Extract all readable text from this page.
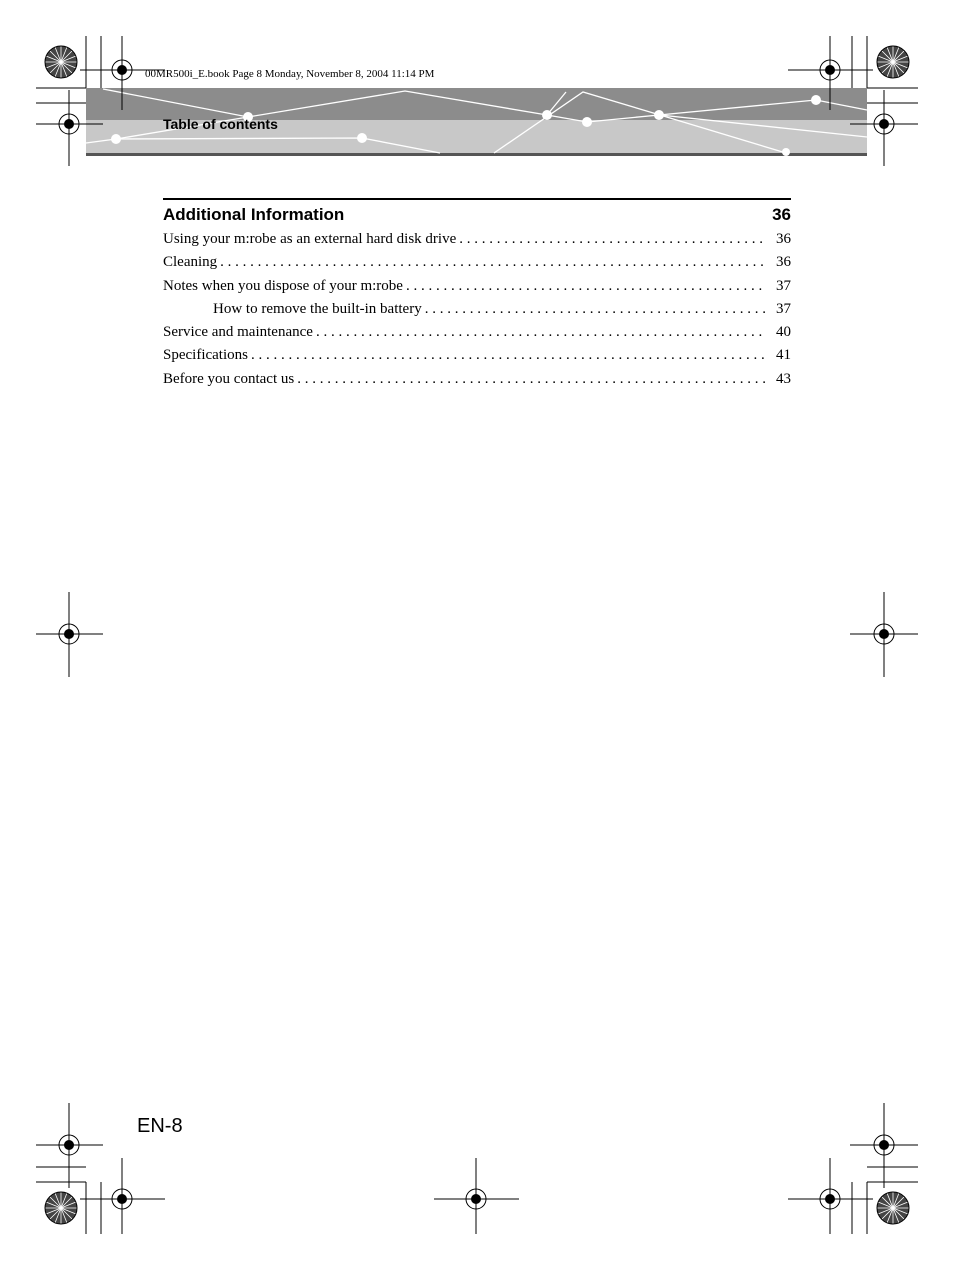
00MR500i_E.book Page 8 Monday, November 8, 2004 11:14 PM
Table of contents
Additional Information	36
Using your m:robe as an external hard disk drive . . .	36
Cleaning . . .	36
Notes when you dispose of your m:robe . . .	37
How to remove the built-in battery . . .	37
Service and maintenance . . .	40
Specifications . . .	41
Before you contact us . . .	43
EN-8
